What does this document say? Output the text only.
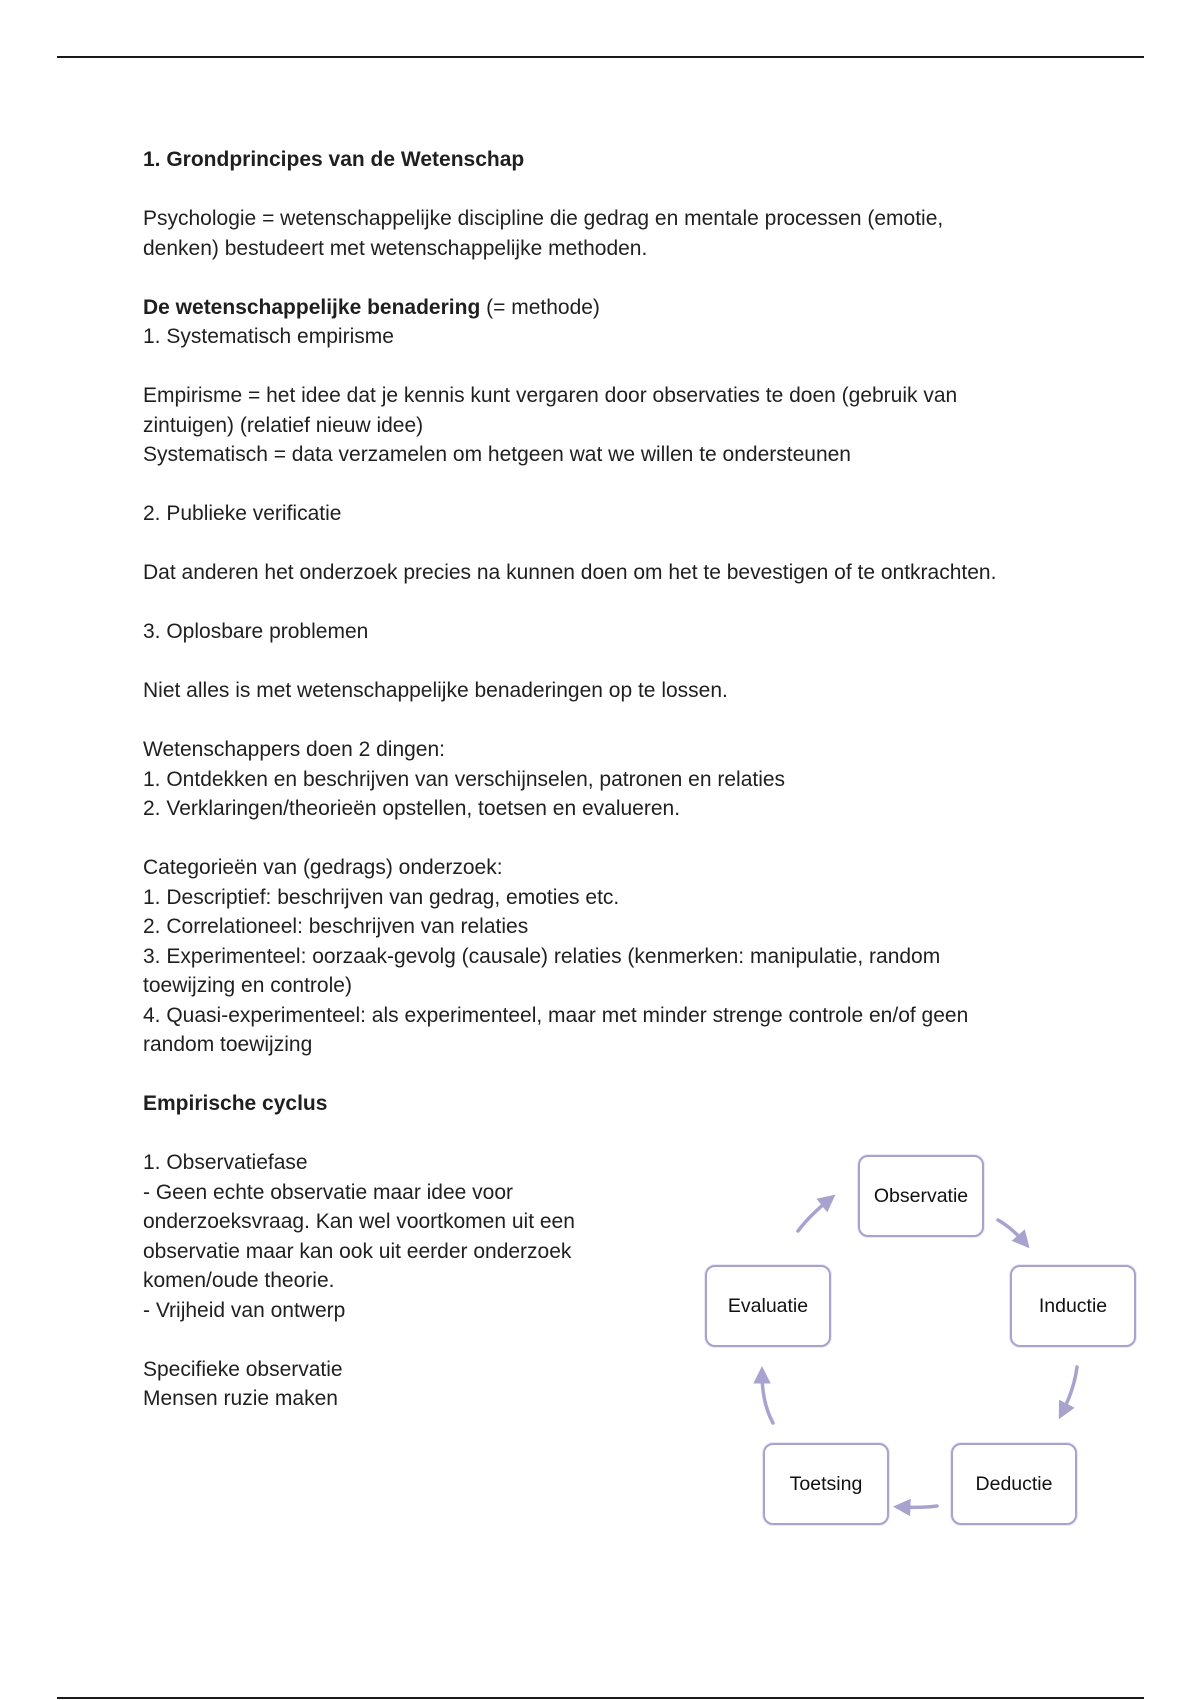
1. Grondprincipes van de Wetenschap

Psychologie = wetenschappelijke discipline die gedrag en mentale processen (emotie,

denken) bestudeert met wetenschappelijke methoden.

De wetenschappelijke benadering (= methode)

1. Systematisch empirisme

Empirisme = het idee dat je kennis kunt vergaren door observaties te doen (gebruik van

zintuigen) (relatief nieuw idee)

Systematisch = data verzamelen om hetgeen wat we willen te ondersteunen

2. Publieke verificatie

Dat anderen het onderzoek precies na kunnen doen om het te bevestigen of te ontkrachten.

3. Oplosbare problemen

Niet alles is met wetenschappelijke benaderingen op te lossen.

Wetenschappers doen 2 dingen:

1. Ontdekken en beschrijven van verschijnselen, patronen en relaties

2. Verklaringen/theorieën opstellen, toetsen en evalueren.

Categorieën van (gedrags) onderzoek:

1. Descriptief: beschrijven van gedrag, emoties etc.

2. Correlationeel: beschrijven van relaties

3. Experimenteel: oorzaak-gevolg (causale) relaties (kenmerken: manipulatie, random

toewijzing en controle)

4. Quasi-experimenteel: als experimenteel, maar met minder strenge controle en/of geen

random toewijzing

Empirische cyclus

1. Observatiefase

- Geen echte observatie maar idee voor

onderzoeksvraag. Kan wel voortkomen uit een

observatie maar kan ook uit eerder onderzoek

komen/oude theorie.

- Vrijheid van ontwerp

Specifieke observatie

Mensen ruzie maken

Observatie
Inductie
Deductie
Toetsing
Evaluatie
